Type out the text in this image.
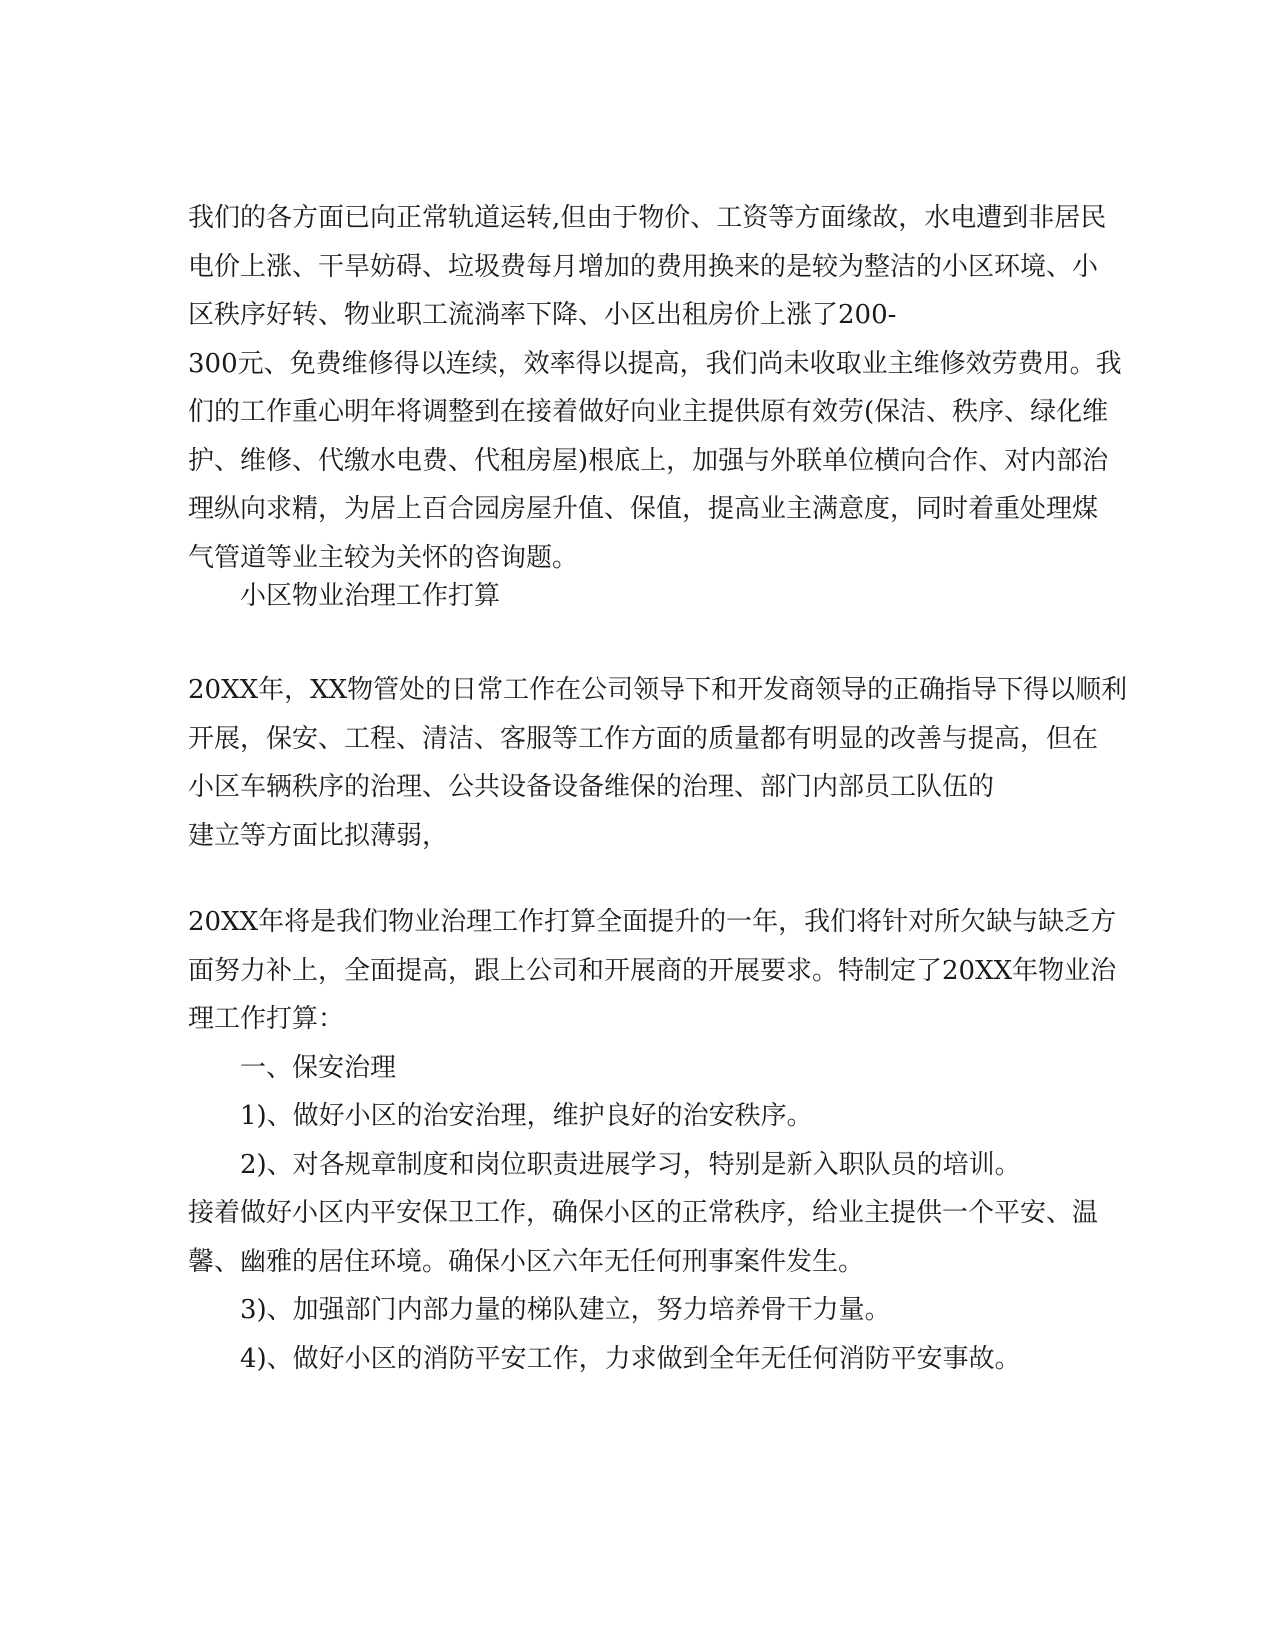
我们的各方面已向正常轨道运转,但由于物价、工资等方面缘故，水电遭到非居民
电价上涨、干旱妨碍、垃圾费每月增加的费用换来的是较为整洁的小区环境、小
区秩序好转、物业职工流淌率下降、小区出租房价上涨了200-
300元、免费维修得以连续，效率得以提高，我们尚未收取业主维修效劳费用。我
们的工作重心明年将调整到在接着做好向业主提供原有效劳(保洁、秩序、绿化维
护、维修、代缴水电费、代租房屋)根底上，加强与外联单位横向合作、对内部治
理纵向求精，为居上百合园房屋升值、保值，提高业主满意度，同时着重处理煤
气管道等业主较为关怀的咨询题。
小区物业治理工作打算
20XX年，XX物管处的日常工作在公司领导下和开发商领导的正确指导下得以顺利
开展，保安、工程、清洁、客服等工作方面的质量都有明显的改善与提高，但在
小区车辆秩序的治理、公共设备设备维保的治理、部门内部员工队伍的
建立等方面比拟薄弱，
20XX年将是我们物业治理工作打算全面提升的一年，我们将针对所欠缺与缺乏方
面努力补上，全面提高，跟上公司和开展商的开展要求。特制定了20XX年物业治
理工作打算：
一、保安治理
1)、做好小区的治安治理，维护良好的治安秩序。
2)、对各规章制度和岗位职责进展学习，特别是新入职队员的培训。
接着做好小区内平安保卫工作，确保小区的正常秩序，给业主提供一个平安、温
馨、幽雅的居住环境。确保小区六年无任何刑事案件发生。
3)、加强部门内部力量的梯队建立，努力培养骨干力量。
4)、做好小区的消防平安工作，力求做到全年无任何消防平安事故。
